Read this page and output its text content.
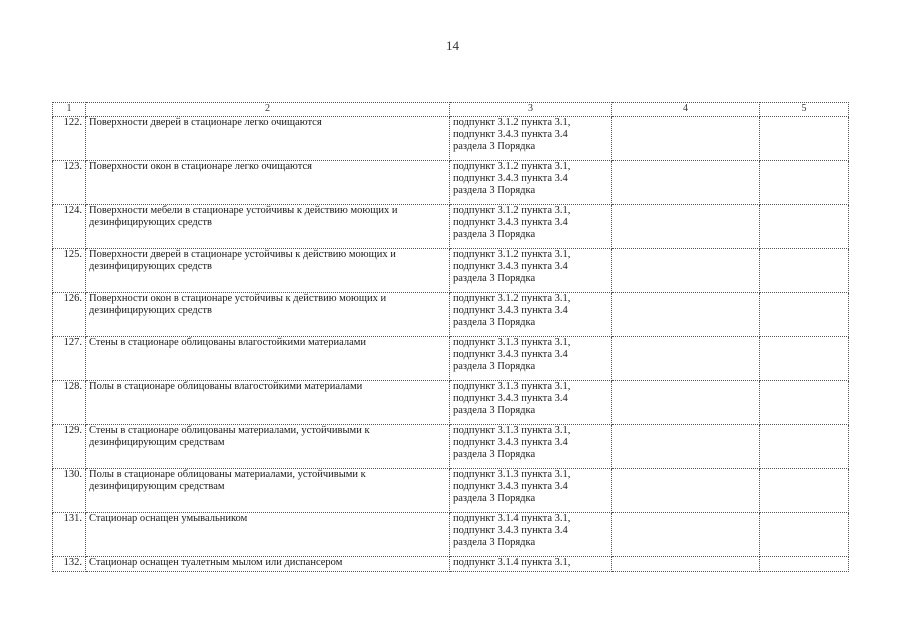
14
1	2	3	4	5
122.	Поверхности дверей в стационаре легко очищаются	подпункт 3.1.2 пункта 3.1,
подпункт 3.4.3 пункта 3.4
раздела 3 Порядка		

123.	Поверхности окон в стационаре легко очищаются	подпункт 3.1.2 пункта 3.1,
подпункт 3.4.3 пункта 3.4
раздела 3 Порядка		

124.	Поверхности мебели в стационаре устойчивы к действию моющих и дезинфицирующих средств	подпункт 3.1.2 пункта 3.1,
подпункт 3.4.3 пункта 3.4
раздела 3 Порядка		

125.	Поверхности дверей в стационаре устойчивы к действию моющих и дезинфицирующих средств	подпункт 3.1.2 пункта 3.1,
подпункт 3.4.3 пункта 3.4
раздела 3 Порядка		

126.	Поверхности окон в стационаре устойчивы к действию моющих и дезинфицирующих средств	подпункт 3.1.2 пункта 3.1,
подпункт 3.4.3 пункта 3.4
раздела 3 Порядка		

127.	Стены в стационаре облицованы влагостойкими материалами	подпункт 3.1.3 пункта 3.1,
подпункт 3.4.3 пункта 3.4
раздела 3 Порядка		

128.	Полы в стационаре облицованы влагостойкими материалами	подпункт 3.1.3 пункта 3.1,
подпункт 3.4.3 пункта 3.4
раздела 3 Порядка		

129.	Стены в стационаре облицованы материалами, устойчивыми к дезинфицирующим средствам	подпункт 3.1.3 пункта 3.1,
подпункт 3.4.3 пункта 3.4
раздела 3 Порядка		

130.	Полы в стационаре облицованы материалами, устойчивыми к дезинфицирующим средствам	подпункт 3.1.3 пункта 3.1,
подпункт 3.4.3 пункта 3.4
раздела 3 Порядка		

131.	Стационар оснащен умывальником	подпункт 3.1.4 пункта 3.1,
подпункт 3.4.3 пункта 3.4
раздела 3 Порядка		

132.	Стационар оснащен туалетным мылом или диспансером	подпункт 3.1.4 пункта 3.1,		
